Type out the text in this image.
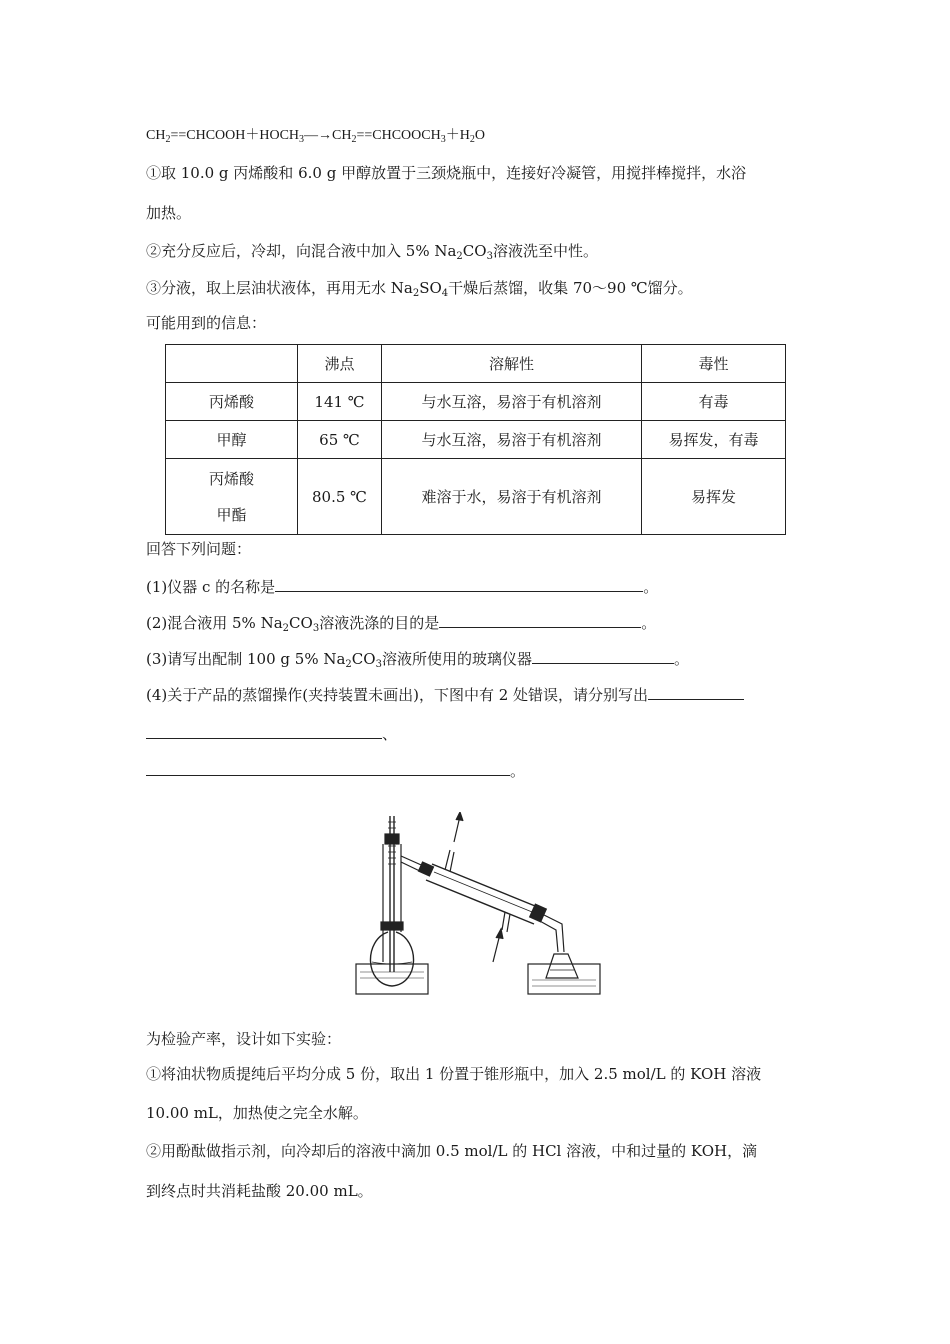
$CH_2==CHCOOH+HOCH_3―\to CH_2==CHCOOCH_3+H_2O$
①取 10.0 g 丙烯酸和 6.0 g 甲醇放置于三颈烧瓶中，连接好冷凝管，用搅拌棒搅拌，水浴
加热。
②充分反应后，冷却，向混合液中加入 5% $Na_2CO_3$溶液洗至中性。
③分液，取上层油状液体，再用无水 $Na_2SO_4$干燥后蒸馏，收集 70～90 ℃馏分。
可能用到的信息：
	沸点	溶解性	毒性
丙烯酸	141 ℃	与水互溶，易溶于有机溶剂	有毒
甲醇	65 ℃	与水互溶，易溶于有机溶剂	易挥发，有毒

丙烯酸
甲酯	80.5 ℃	难溶于水，易溶于有机溶剂	易挥发
回答下列问题：
(1)仪器 c 的名称是	。
(2)混合液用 5% $Na_2CO_3$溶液洗涤的目的是	。
(3)请写出配制 100 g 5% $Na_2CO_3$溶液所使用的玻璃仪器	。
(4)关于产品的蒸馏操作(夹持装置未画出)，下图中有 2 处错误，请分别写出
、
。
为检验产率，设计如下实验：
①将油状物质提纯后平均分成 5 份，取出 1 份置于锥形瓶中，加入 2.5 mol/L 的 KOH 溶液
10.00 mL，加热使之完全水解。
②用酚酞做指示剂，向冷却后的溶液中滴加 0.5 mol/L 的 HCl 溶液，中和过量的 KOH，滴
到终点时共消耗盐酸 20.00 mL。
